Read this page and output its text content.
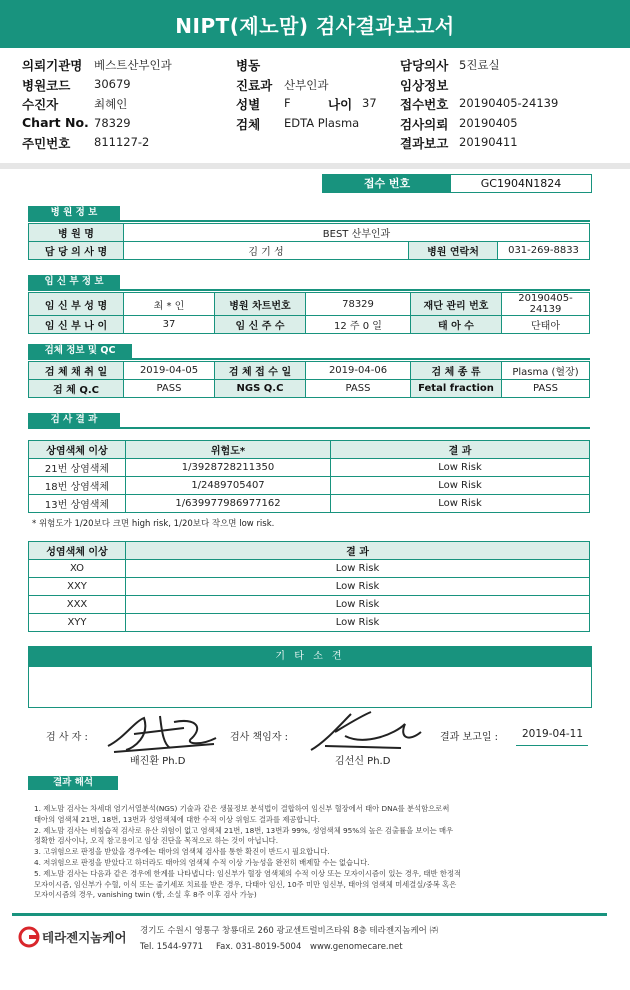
NIPT(제노맘) 검사결과보고서
의뢰기관명 베스트산부인과	병동	담당의사 5진료실
병원코드 30679	진료과 산부인과	임상정보
수진자	최혜인	성별 F	나이 37 접수번호 20190405-24139
Chart No. 78329	검체 EDTA Plasma	검사의뢰 20190405
주민번호 811127-2	결과보고 20190411
접수 번호	GC1904N1824
병 원 정 보
병 원 명	BEST 산부인과		
담 당 의 사 명	김 기 성	병원 연락처	031-269-8833
임 신 부 정 보
임 신 부 성 명	최 * 인	병원 차트번호	78329	재단 관리 번호	20190405-24139
임 신 부 나 이	37	임 신 주 수	12 주 0 일	태 아 수	단태아
검체 정보 및 QC
검 체 채 취 일	2019-04-05	검 체 접 수 일	2019-04-06	검 체 종 류	Plasma (혈장)
검 체 Q.C	PASS	NGS Q.C	PASS	Fetal fraction	PASS
검 사 결 과
상염색체 이상	위험도*	결 과
21번 상염색체	1/3928728211350	Low Risk
18번 상염색체	1/2489705407	Low Risk
13번 상염색체	1/639977986977162	Low Risk
* 위험도가 1/20보다 크면 high risk, 1/20보다 작으면 low risk.
성염색체 이상	결 과
XO	Low Risk
XXY	Low Risk
XXX	Low Risk
XYY	Low Risk
기 타 소 견
검 사 자 :
배진환 Ph.D
검사 책임자 :
김선신 Ph.D
결과 보고일 : 2019-04-11
결과 해석
1. 제노맘 검사는 차세대 염기서열분석(NGS) 기술과 같은 생물정보 분석법이 결합하여 임신부 혈장에서 태아 DNA를 분석함으로써
태아의 염색체 21번, 18번, 13번과 성염색체에 대한 수적 이상 위험도 결과를 제공합니다.
2. 제노맘 검사는 비침습적 검사로 유산 위험이 없고 염색체 21번, 18번, 13번과 99%, 성염색체 95%의 높은 검출률을 보이는 매우
정확한 검사이나, 오직 참고용이고 임상 진단을 목적으로 하는 것이 아닙니다.
3. 고위험으로 판정을 받았을 경우에는 태아의 염색체 검사를 통한 확진이 반드시 필요합니다.
4. 저위험으로 판정을 받았다고 하더라도 태아의 염색체 수적 이상 가능성을 완전히 배제할 수는 없습니다.
5. 제노맘 검사는 다음과 같은 경우에 한계를 나타냅니다: 임신부가 혈장 염색체의 수적 이상 또는 모자이시즘이 있는 경우, 태반 한정적
모자이시즘, 임신부가 수혈, 이식 또는 줄기세포 치료를 받은 경우, 다태아 임신, 10주 미만 임신부, 태아의 염색체 미세결실/중복 혹은
모자이시즘의 경우, vanishing twin (쌍, 소실 후 8주 이후 검사 가능)
테라젠지놈케어 경기도 수원시 영통구 창룡대로 260 광교센트럴비즈타워 8층 테라젠지놈케어 ㈜
Tel. 1544-9771 Fax. 031-8019-5004 www.genomecare.net
